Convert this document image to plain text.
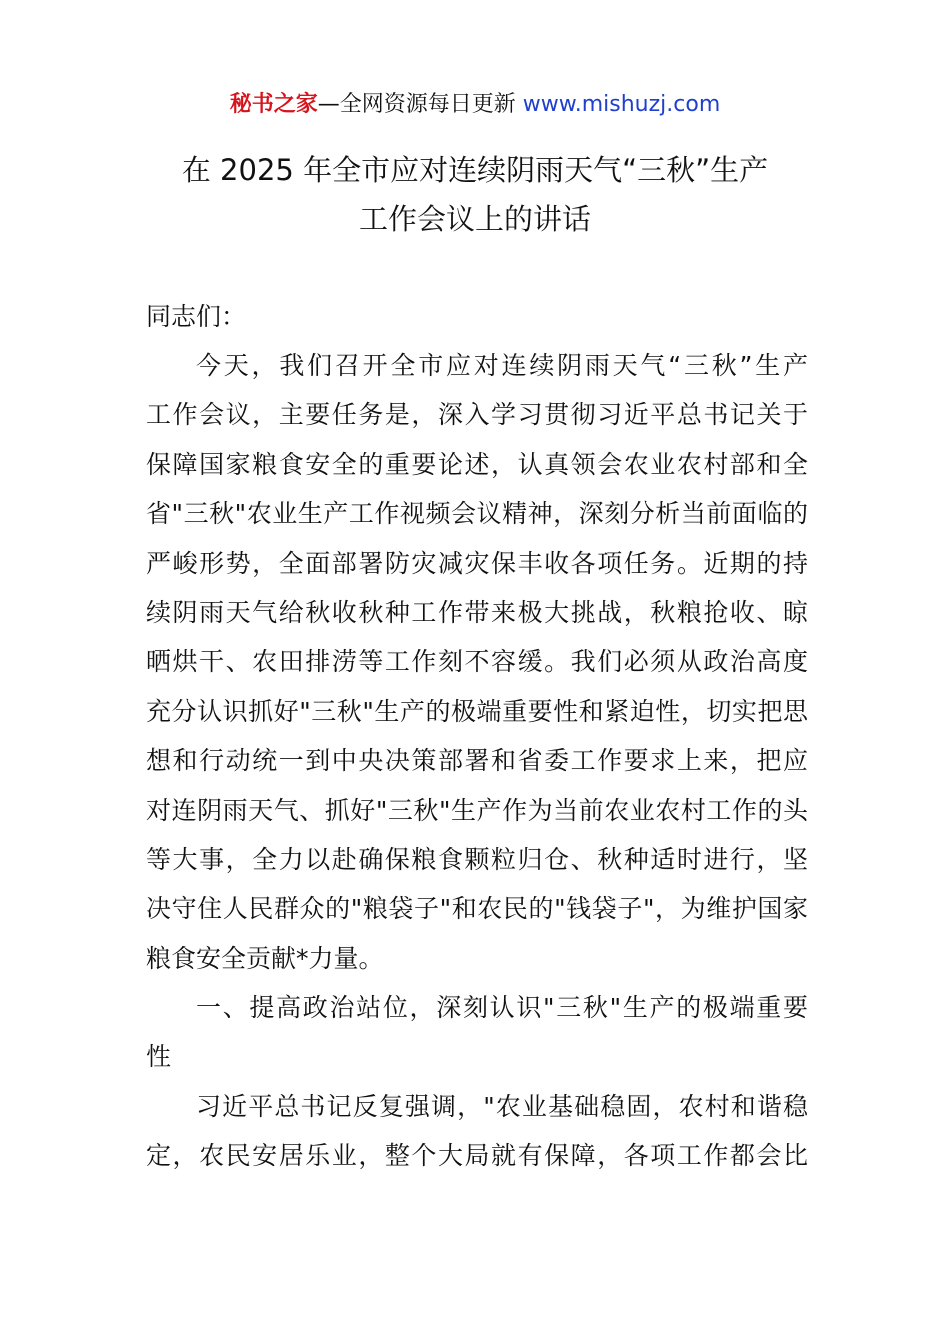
秘书之家—全网资源每日更新 www.mishuzj.com
在 2025 年全市应对连续阴雨天气“三秋”生产
工作会议上的讲话

同志们：

今天，我们召开全市应对连续阴雨天气“三秋”生产
工作会议，主要任务是，深入学习贯彻习近平总书记关于
保障国家粮食安全的重要论述，认真领会农业农村部和全
省"三秋"农业生产工作视频会议精神，深刻分析当前面临的
严峻形势，全面部署防灾减灾保丰收各项任务。近期的持
续阴雨天气给秋收秋种工作带来极大挑战，秋粮抢收、晾
晒烘干、农田排涝等工作刻不容缓。我们必须从政治高度
充分认识抓好"三秋"生产的极端重要性和紧迫性，切实把思
想和行动统一到中央决策部署和省委工作要求上来，把应
对连阴雨天气、抓好"三秋"生产作为当前农业农村工作的头
等大事，全力以赴确保粮食颗粒归仓、秋种适时进行，坚
决守住人民群众的"粮袋子"和农民的"钱袋子"，为维护国家
粮食安全贡献*力量。
一、提高政治站位，深刻认识"三秋"生产的极端重要
性
习近平总书记反复强调，"农业基础稳固，农村和谐稳
定，农民安居乐业，整个大局就有保障，各项工作都会比
